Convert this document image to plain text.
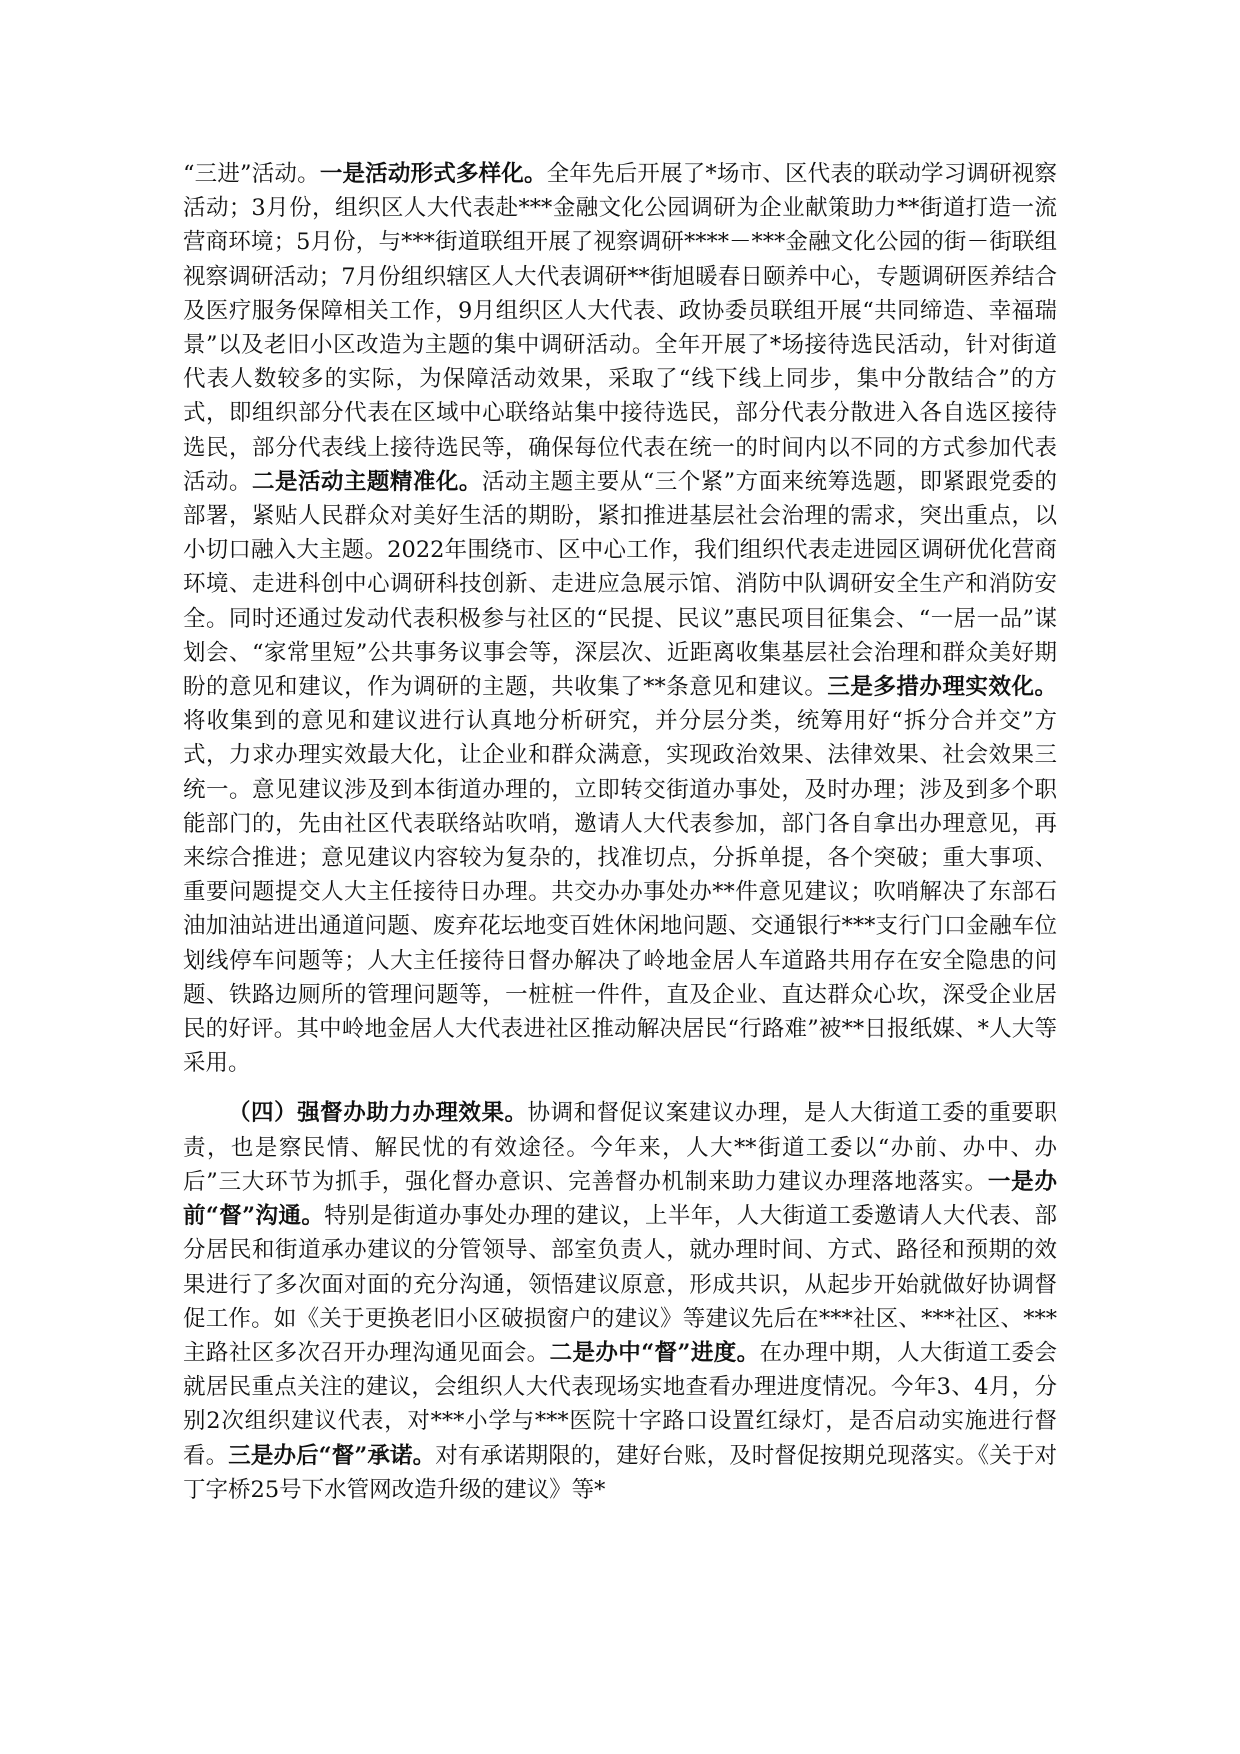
“三进”活动。一是活动形式多样化。全年先后开展了*场市、区代表的联动学习调研视察活动；3月份，组织区人大代表赴***金融文化公园调研为企业献策助力**街道打造一流营商环境；5月份，与***街道联组开展了视察调研****－***金融文化公园的街－街联组视察调研活动；7月份组织辖区人大代表调研**街旭暖春日颐养中心，专题调研医养结合及医疗服务保障相关工作，9月组织区人大代表、政协委员联组开展“共同缔造、幸福瑞景”以及老旧小区改造为主题的集中调研活动。全年开展了*场接待选民活动，针对街道代表人数较多的实际，为保障活动效果，采取了“线下线上同步，集中分散结合”的方式，即组织部分代表在区域中心联络站集中接待选民，部分代表分散进入各自选区接待选民，部分代表线上接待选民等，确保每位代表在统一的时间内以不同的方式参加代表活动。二是活动主题精准化。活动主题主要从“三个紧”方面来统筹选题，即紧跟党委的部署，紧贴人民群众对美好生活的期盼，紧扣推进基层社会治理的需求，突出重点，以小切口融入大主题。2022年围绕市、区中心工作，我们组织代表走进园区调研优化营商环境、走进科创中心调研科技创新、走进应急展示馆、消防中队调研安全生产和消防安全。同时还通过发动代表积极参与社区的“民提、民议”惠民项目征集会、“一居一品”谋划会、“家常里短”公共事务议事会等，深层次、近距离收集基层社会治理和群众美好期盼的意见和建议，作为调研的主题，共收集了**条意见和建议。三是多措办理实效化。将收集到的意见和建议进行认真地分析研究，并分层分类，统筹用好“拆分合并交”方式，力求办理实效最大化，让企业和群众满意，实现政治效果、法律效果、社会效果三统一。意见建议涉及到本街道办理的，立即转交街道办事处，及时办理；涉及到多个职能部门的，先由社区代表联络站吹哨，邀请人大代表参加，部门各自拿出办理意见，再来综合推进；意见建议内容较为复杂的，找准切点，分拆单提，各个突破；重大事项、重要问题提交人大主任接待日办理。共交办办事处办**件意见建议；吹哨解决了东部石油加油站进出通道问题、废弃花坛地变百姓休闲地问题、交通银行***支行门口金融车位划线停车问题等；人大主任接待日督办解决了岭地金居人车道路共用存在安全隐患的问题、铁路边厕所的管理问题等，一桩桩一件件，直及企业、直达群众心坎，深受企业居民的好评。其中岭地金居人大代表进社区推动解决居民“行路难”被**日报纸媒、*人大等采用。

（四）强督办助力办理效果。协调和督促议案建议办理，是人大街道工委的重要职责，也是察民情、解民忧的有效途径。今年来，人大**街道工委以“办前、办中、办后”三大环节为抓手，强化督办意识、完善督办机制来助力建议办理落地落实。一是办前“督”沟通。特别是街道办事处办理的建议，上半年，人大街道工委邀请人大代表、部分居民和街道承办建议的分管领导、部室负责人，就办理时间、方式、路径和预期的效果进行了多次面对面的充分沟通，领悟建议原意，形成共识，从起步开始就做好协调督促工作。如《关于更换老旧小区破损窗户的建议》等建议先后在***社区、***社区、***主路社区多次召开办理沟通见面会。二是办中“督”进度。在办理中期，人大街道工委会就居民重点关注的建议，会组织人大代表现场实地查看办理进度情况。今年3、4月，分别2次组织建议代表，对***小学与***医院十字路口设置红绿灯，是否启动实施进行督看。三是办后“督”承诺。对有承诺期限的，建好台账，及时督促按期兑现落实。《关于对丁字桥25号下水管网改造升级的建议》等*
